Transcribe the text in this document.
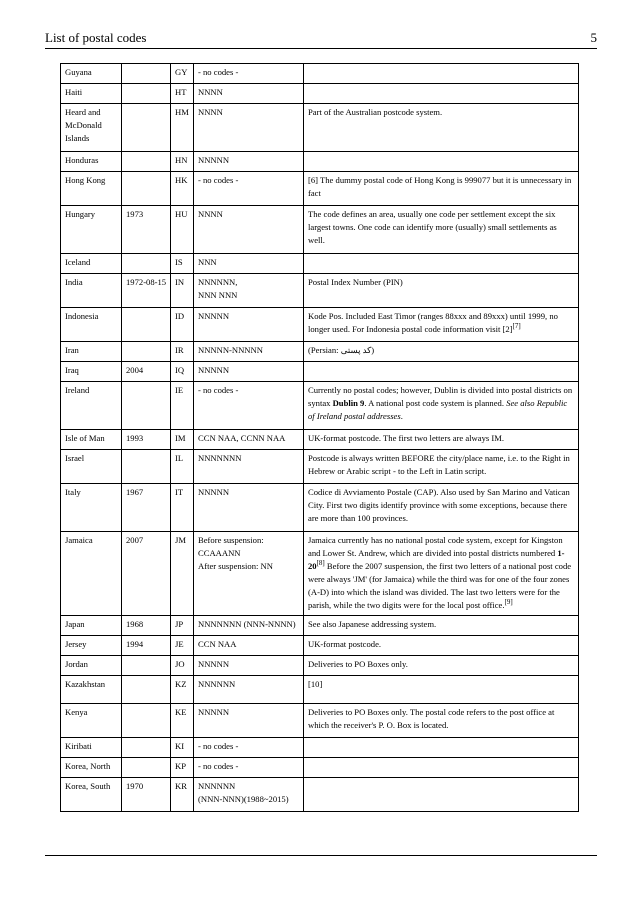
List of postal codes	5
Guyana		GY	- no codes -	

Haiti		HT	NNNN	

Heard and McDonald Islands		HM	NNNN	Part of the Australian postcode system.
Honduras		HN	NNNNN	

Hong Kong		HK	- no codes -	[6] The dummy postal code of Hong Kong is 999077 but it is unnecessary in fact
Hungary	1973	HU	NNNN	The code defines an area, usually one code per settlement except the six largest towns. One code can identify more (usually) small settlements as well.
Iceland		IS	NNN	

India	1972-08-15	IN	NNNNNN,
NNN NNN	Postal Index Number (PIN)
Indonesia		ID	NNNNN	Kode Pos. Included East Timor (ranges 88xxx and 89xxx) until 1999, no longer used. For Indonesia postal code information visit [2][7]
Iran		IR	NNNNN-NNNNN	(Persian: کد پستی)
Iraq	2004	IQ	NNNNN	

Ireland		IE	- no codes -	Currently no postal codes; however, Dublin is divided into postal districts on syntax Dublin 9. A national post code system is planned. See also Republic of Ireland postal addresses.
Isle of Man	1993	IM	CCN NAA, CCNN NAA	UK-format postcode. The first two letters are always IM.
Israel		IL	NNNNNNN	Postcode is always written BEFORE the city/place name, i.e. to the Right in Hebrew or Arabic script - to the Left in Latin script.
Italy	1967	IT	NNNNN	Codice di Avviamento Postale (CAP). Also used by San Marino and Vatican City. First two digits identify province with some exceptions, because there are more than 100 provinces.
Jamaica	2007	JM	Before suspension: CCAAANN
After suspension: NN	Jamaica currently has no national postal code system, except for Kingston and Lower St. Andrew, which are divided into postal districts numbered 1-20[8] Before the 2007 suspension, the first two letters of a national post code were always 'JM' (for Jamaica) while the third was for one of the four zones (A-D) into which the island was divided. The last two letters were for the parish, while the two digits were for the local post office.[9]
Japan	1968	JP	NNNNNNN (NNN-NNNN)	See also Japanese addressing system.
Jersey	1994	JE	CCN NAA	UK-format postcode.
Jordan		JO	NNNNN	Deliveries to PO Boxes only.
Kazakhstan		KZ	NNNNNN	[10]
Kenya		KE	NNNNN	Deliveries to PO Boxes only. The postal code refers to the post office at which the receiver's P. O. Box is located.
Kiribati		KI	- no codes -	

Korea, North		KP	- no codes -	

Korea, South	1970	KR	NNNNNN
(NNN-NNN)(1988~2015)	
